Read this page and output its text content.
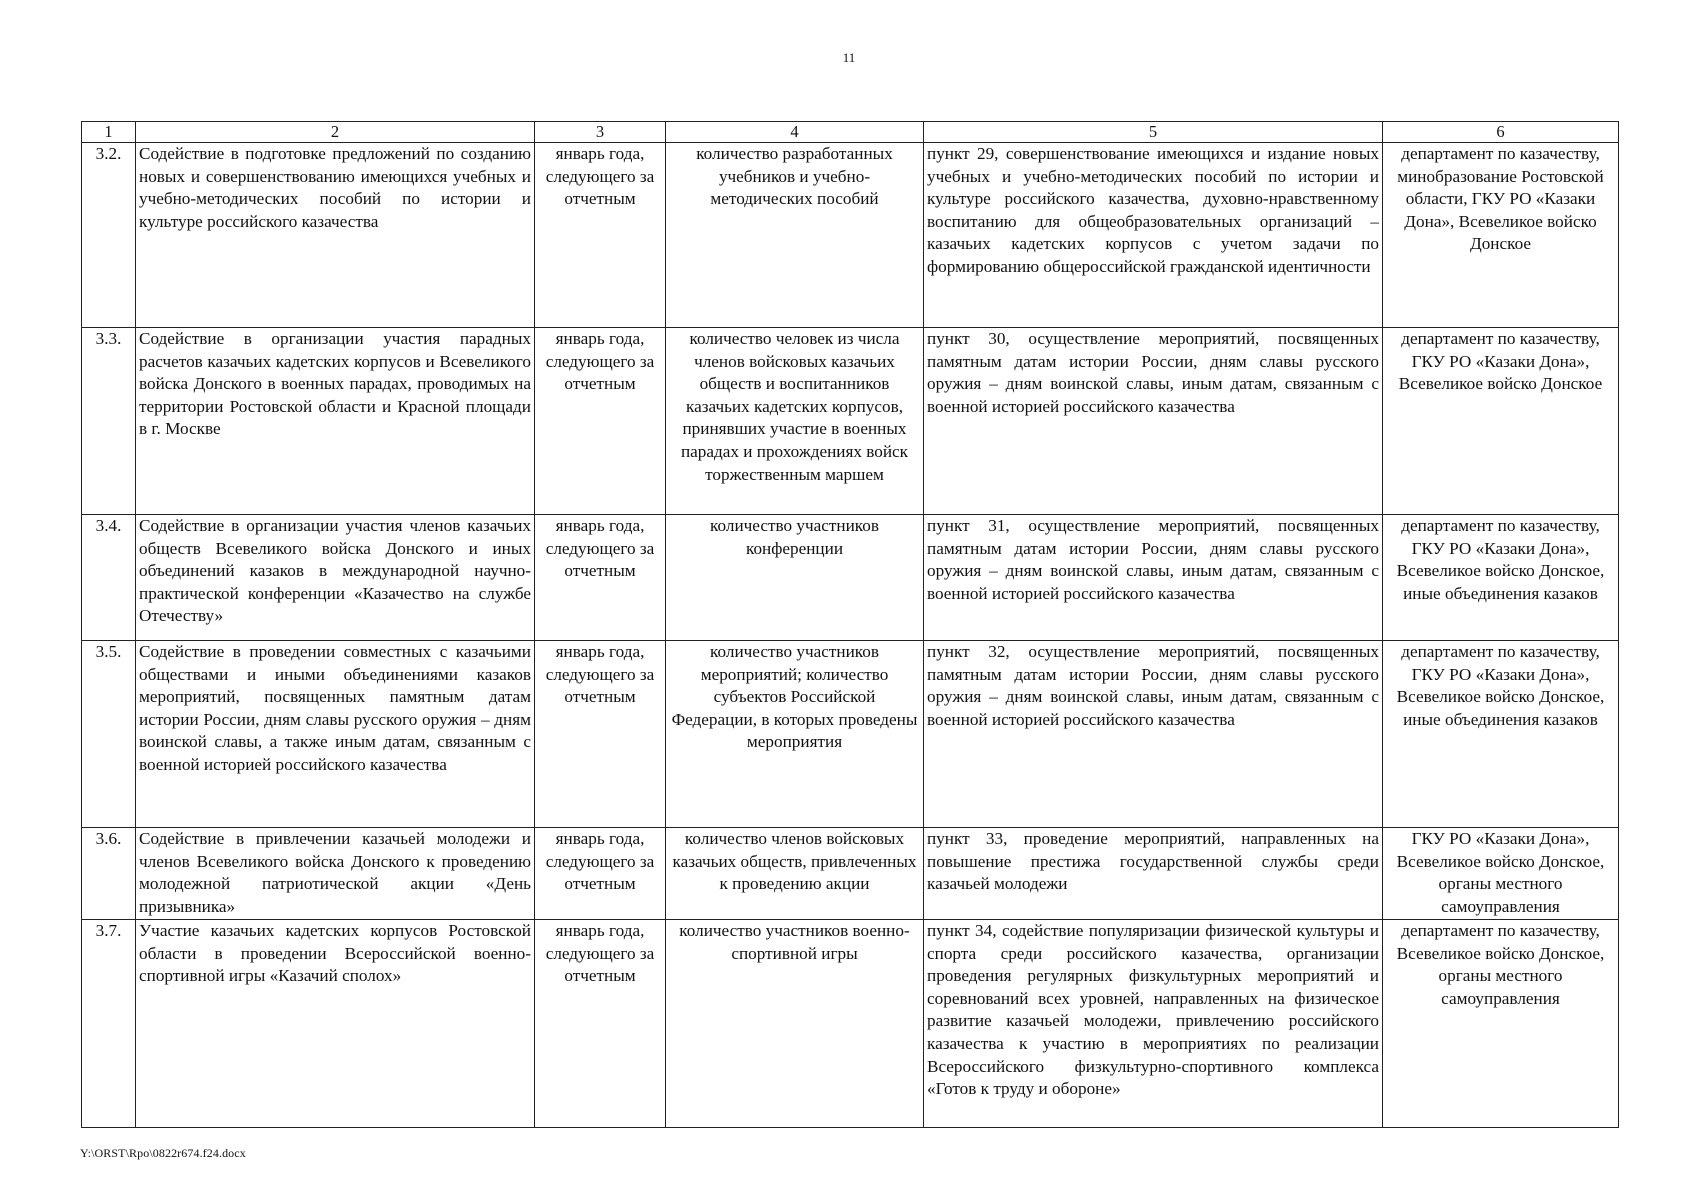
11
1	2	3	4	5	6
3.2.	Содействие в подготовке предложений по созданию новых и совершенствованию имеющихся учебных и учебно-методических пособий по истории и культуре российского казачества	январь года, следующего за отчетным	количество разработанных учебников и учебно-методических пособий	пункт 29, совершенствование имеющихся и издание новых учебных и учебно-методических пособий по истории и культуре российского казачества, духовно-нравственному воспитанию для общеобразовательных организаций – казачьих кадетских корпусов с учетом задачи по формированию общероссийской гражданской идентичности	департамент по казачеству, минобразование Ростовской области, ГКУ РО «Казаки Дона», Всевеликое войско Донское
3.3.	Содействие в организации участия парадных расчетов казачьих кадетских корпусов и Всевеликого войска Донского в военных парадах, проводимых на территории Ростовской области и Красной площади в г. Москве	январь года, следующего за отчетным	количество человек из числа членов войсковых казачьих обществ и воспитанников казачьих кадетских корпусов, принявших участие в военных парадах и прохождениях войск торжественным маршем	пункт 30, осуществление мероприятий, посвященных памятным датам истории России, дням славы русского оружия – дням воинской славы, иным датам, связанным с военной историей российского казачества	департамент по казачеству, ГКУ РО «Казаки Дона», Всевеликое войско Донское
3.4.	Содействие в организации участия членов казачьих обществ Всевеликого войска Донского и иных объединений казаков в международной научно-практической конференции «Казачество на службе Отечеству»	январь года, следующего за отчетным	количество участников конференции	пункт 31, осуществление мероприятий, посвященных памятным датам истории России, дням славы русского оружия – дням воинской славы, иным датам, связанным с военной историей российского казачества	департамент по казачеству, ГКУ РО «Казаки Дона», Всевеликое войско Донское, иные объединения казаков
3.5.	Содействие в проведении совместных с казачьими обществами и иными объединениями казаков мероприятий, посвященных памятным датам истории России, дням славы русского оружия – дням воинской славы, а также иным датам, связанным с военной историей российского казачества	январь года, следующего за отчетным	количество участников мероприятий; количество субъектов Российской Федерации, в которых проведены мероприятия	пункт 32, осуществление мероприятий, посвященных памятным датам истории России, дням славы русского оружия – дням воинской славы, иным датам, связанным с военной историей российского казачества	департамент по казачеству, ГКУ РО «Казаки Дона», Всевеликое войско Донское, иные объединения казаков
3.6.	Содействие в привлечении казачьей молодежи и членов Всевеликого войска Донского к проведению молодежной патриотической акции «День призывника»	январь года, следующего за отчетным	количество членов войсковых казачьих обществ, привлеченных к проведению акции	пункт 33, проведение мероприятий, направленных на повышение престижа государственной службы среди казачьей молодежи	ГКУ РО «Казаки Дона», Всевеликое войско Донское, органы местного самоуправления
3.7.	Участие казачьих кадетских корпусов Ростовской области в проведении Всероссийской военно-спортивной игры «Казачий сполох»	январь года, следующего за отчетным	количество участников военно-спортивной игры	пункт 34, содействие популяризации физической культуры и спорта среди российского казачества, организации проведения регулярных физкультурных мероприятий и соревнований всех уровней, направленных на физическое развитие казачьей молодежи, привлечению российского казачества к участию в мероприятиях по реализации Всероссийского физкультурно-спортивного комплекса «Готов к труду и обороне»	департамент по казачеству, Всевеликое войско Донское, органы местного самоуправления
Y:\ORST\Rpo\0822r674.f24.docx
